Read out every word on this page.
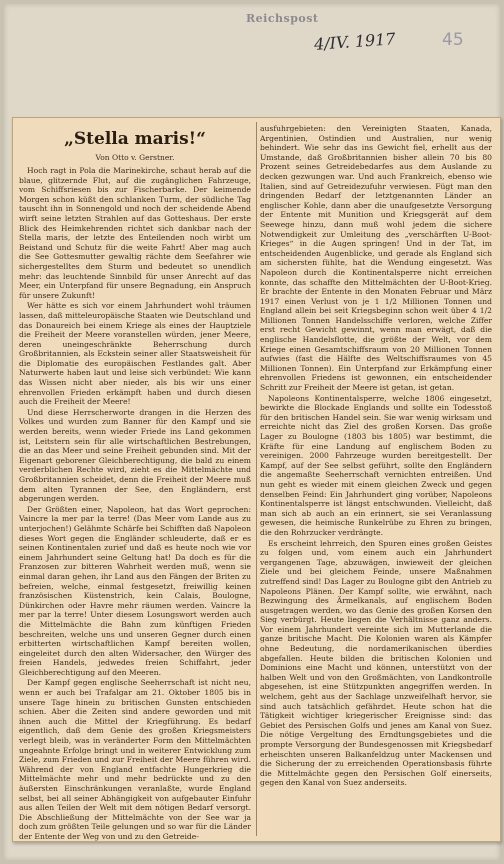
Reichspost
4/IV. 1917	45
„Stella maris!“
Von Otto v. Gerstner.

Hoch ragt in Pola die Marinekirche, schaut herab auf die blaue, glitzernde Flut, auf die zugänglichen Fahrzeuge, vom Schiffsriesen bis zur Fischerbarke. Der keimende Morgen schon küßt den schlanken Turm, der südliche Tag tauscht ihn in Sonnengold und noch der scheidende Abend wirft seine letzten Strahlen auf das Gotteshaus. Der erste Blick des Heimkehrenden richtet sich dankbar nach der Stella maris, der letzte des Enteilenden noch wirbt um Beistand und Schutz für die weite Fahrt! Aber mag auch die See Gottesmutter gewaltig rächte dem Seefahrer wie sichergestelltes dem Sturm und bedeutet so unendlich mehr: das leuchtende Sinnbild für unser Anrecht auf das Meer, ein Unterpfand für unsere Begnadung, ein Anspruch für unsere Zukunft!

Wer hätte es sich vor einem Jahrhundert wohl träumen lassen, daß mitteleuropäische Staaten wie Deutschland und das Donaureich bei einem Kriege als eines der Hauptziele die Freiheit der Meere voranstellen würden, jener Meere, deren uneingeschränkte Beherrschung durch Großbritannien, als Eckstein seiner aller Staatsweisheit für die Diplomatie des europäischen Festlandes galt. Aber Naturwerte haben laut und leise sich verbündet: Wie kann das Wissen nicht aber nieder, als bis wir uns einer ehrenvollen Frieden erkämpft haben und durch diesen auch die Freiheit der Meere!

Und diese Herrscherworte drangen in die Herzen des Volkes und wurden zum Banner für den Kampf und sie werden bereits, wenn wieder Friede ins Land gekommen ist, Leitstern sein für alle wirtschaftlichen Bestrebungen, die an das Meer und seine Freiheit gebunden sind. Mit der Eigenart geborener Gleichberechtigung, die bald zu einem verderblichen Rechte wird, zieht es die Mittelmächte und Großbritannien scheidet, denn die Freiheit der Meere muß dem alten Tyrannen der See, den Engländern, erst abgerungen werden.

Der Größten einer, Napoleon, hat das Wort geprochen: Vaincre la mer par la terre! (Das Meer vom Lande aus zu unterjochen!) Gelähmte Schärfe bei Schifften daß Napoleon dieses Wort gegen die Engländer schleuderte, daß er es seinen Kontinentalen zurief und daß es heute noch wie vor einem Jahrhundert seine Geltung hat! Da doch es für die Franzosen zur bitteren Wahrheit werden muß, wenn sie einmal daran gehen, ihr Land aus den Fängen der Briten zu befreien, welche, einmal festgesetzt, freiwillig keinen französischen Küstenstrich, kein Calais, Boulogne, Dünkirchen oder Havre mehr räumen werden. Vaincre la mer par la terre! Unter diesem Losungswort werden auch die Mittelmächte die Bahn zum künftigen Frieden beschreiten, welche uns und unseren Gegner durch einen erbitterten wirtschaftlichen Kampf bereiten wollen, eingeleitet durch den alten Widersacher, den Würger des freien Handels, jedwedes freien Schiffahrt, jeder Gleichberechtigung auf den Meeren.

Der Kampf gegen englische Seeherrschaft ist nicht neu, wenn er auch bei Trafalgar am 21. Oktober 1805 bis in unsere Tage hinein zu britischen Gunsten entschieden schien. Aber die Zeiten sind andere geworden und mit ihnen auch die Mittel der Kriegführung. Es bedarf eigentlich, daß dem Genie des großen Kriegsmeisters verlegt bleib, was in veränderter Form den Mittelmächten ungeahnte Erfolge bringt und in weiterer Entwicklung zum Ziele, zum Frieden und zur Freiheit der Meere führen wird. Während der von England entfachte Hungerkrieg die Mittelmächte mehr und mehr bedrückte und zu den äußersten Einschränkungen veranlaßte, wurde England selbst, bei all seiner Abhängigkeit von aufgebauter Einfuhr aus allen Teilen der Welt mit dem nötigen Bedarf versorgt. Die Abschließung der Mittelmächte von der See war ja doch zum größten Teile gelungen und so war für die Länder der Entente der Weg von und zu den Getreide-

ausfuhrgebieten: den Vereinigten Staaten, Kanada, Argentinien, Ostindien und Australien, nur wenig behindert. Wie sehr das ins Gewicht fiel, erhellt aus der Umstande, daß Großbritannien bisher allein 70 bis 80 Prozent seines Getreidebedarfes aus dem Auslande zu decken gezwungen war. Und auch Frankreich, ebenso wie Italien, sind auf Getreidezufuhr verwiesen. Fügt man den dringenden Bedarf der letztgenannten Länder an englischer Kohle, dann aber die unaufgesetzte Versorgung der Entente mit Munition und Kriegsgerät auf dem Seewege hinzu, dann muß wohl jedem die sichere Notwendigkeit zur Umleitung des „verschärften U-Boot-Krieges“ in die Augen springen! Und in der Tat, im entscheidenden Augenblicke, und gerade als England sich am sichersten fühlte, hat die Wendung eingesetzt. Was Napoleon durch die Kontinentalsperre nicht erreichen konnte, das schaffte den Mittelmächten der U-Boot-Krieg. Er brachte der Entente in den Monaten Februar und März 1917 einen Verlust von je 1 1/2 Millionen Tonnen und England allein bei seit Kriegsbeginn schon weit über 4 1/2 Millionen Tonnen Handelsschiffe verloren, welche Ziffer erst recht Gewicht gewinnt, wenn man erwägt, daß die englische Handelsflotte, die größte der Welt, vor dem Kriege einen Gesamtschiffsraum von 20 Millionen Tonnen aufwies (fast die Hälfte des Weltschiffsraumes von 45 Millionen Tonnen). Ein Unterpfand zur Erkämpfung einer ehrenvollen Friedens ist gewonnen, ein entscheidender Schritt zur Freiheit der Meere ist getan, ist getan.

Napoleons Kontinentalsperre, welche 1806 eingesetzt, bewirkte die Blockade Englands und sollte ein Todesstoß für den britischen Handel sein. Sie war wenig wirksam und erreichte nicht das Ziel des großen Korsen. Das große Lager zu Boulogne (1803 bis 1805) war bestimmt, die Kräfte für eine Landung auf englischem Boden zu vereinigen. 2000 Fahrzeuge wurden bereitgestellt. Der Kampf, auf der See selbst geführt, sollte den Engländern die angemaßte Seeherrschaft vernichten entreißen. Und nun geht es wieder mit einem gleichen Zweck und gegen denselben Feind: Ein Jahrhundert ging vorüber, Napoleons Kontinentalsperre ist längst entschwunden. Vielleicht, daß man sich ab auch an ein erinnert, sie sei Veranlassung gewesen, die heimische Runkelrübe zu Ehren zu bringen, die den Rohrzucker verdrängte.

Es erscheint lehrreich, den Spuren eines großen Geistes zu folgen und, vom einem auch ein Jahrhundert vergangenen Tage, abzuwägen, inwieweit der gleichen Ziele und bei gleichem Feinde, unsere Maßnahmen zutreffend sind! Das Lager zu Boulogne gibt den Antrieb zu Napoleons Plänen. Der Kampf sollte, wie erwähnt, nach Bezwingung des Ärmelkanals, auf englischem Boden ausgetragen werden, wo das Genie des großen Korsen den Sieg verbürgt. Heute liegen die Verhältnisse ganz anders. Vor einem Jahrhundert vereinte sich im Mutterlande die ganze britische Macht. Die Kolonien waren als Kämpfer ohne Bedeutung, die nordamerikanischen überdies abgefallen. Heute bilden die britischen Kolonien und Dominions eine Macht und können, unterstützt von der halben Welt und von den Großmächten, von Landkontrolle abgesehen, ist eine Stützpunkten angegriffen werden. In welchem, geht aus der Sachlage unzweifelhaft hervor, sie sind auch tatsächlich gefährdet. Heute schon hat die Tätigkeit wichtiger kriegerischer Ereignisse sind: das Gebiet des Persischen Golfs und jenes am Kanal von Suez. Die nötige Vergeltung des Erndtungsgebietes und die prompte Versorgung der Bundesgenossen mit Kriegsbedarf erheischten unseren Balkanfeldzug unter Mackensen und die Sicherung der zu erreichenden Operationsbasis führte die Mittelmächte gegen den Persischen Golf einerseits, gegen den Kanal von Suez anderseits.
